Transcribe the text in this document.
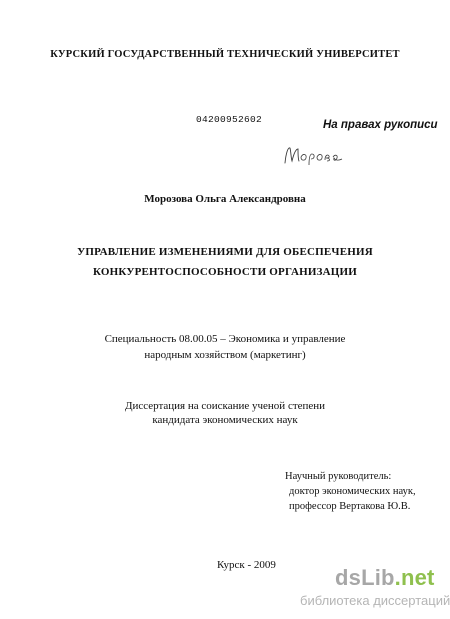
КУРСКИЙ ГОСУДАРСТВЕННЫЙ ТЕХНИЧЕСКИЙ УНИВЕРСИТЕТ
04200952602	На правах рукописи
Морозова Ольга Александровна
УПРАВЛЕНИЕ ИЗМЕНЕНИЯМИ ДЛЯ ОБЕСПЕЧЕНИЯ
КОНКУРЕНТОСПОСОБНОСТИ ОРГАНИЗАЦИИ
Специальность 08.00.05 – Экономика и управление
народным хозяйством (маркетинг)
Диссертация на соискание ученой степени
кандидата экономических наук
Научный руководитель:
доктор экономических наук,
профессор Вертакова Ю.В.
Курск - 2009	dsLib.net
библиотека диссертаций
